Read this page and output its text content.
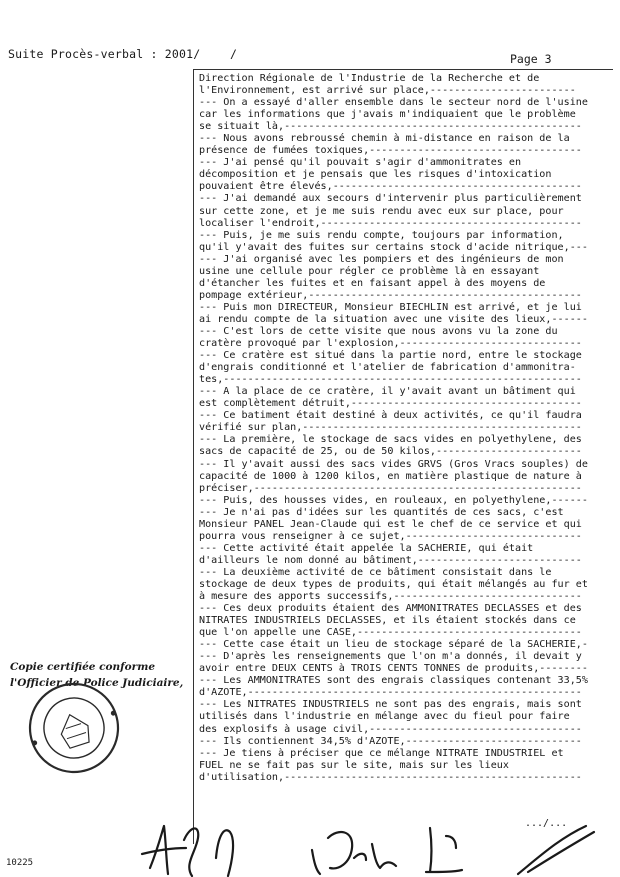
Suite Procès-verbal : 2001/	/	Page 3
Direction Régionale de l'Industrie de la Recherche et de
l'Environnement, est arrivé sur place,------------------------
--- On a essayé d'aller ensemble dans le secteur nord de l'usine
car les informations que j'avais m'indiquaient que le problème
se situait là,-------------------------------------------------
--- Nous avons rebroussé chemin à mi-distance en raison de la
présence de fumées toxiques,-----------------------------------
--- J'ai pensé qu'il pouvait s'agir d'ammonitrates en
décomposition et je pensais que les risques d'intoxication
pouvaient être élevés,-----------------------------------------
--- J'ai demandé aux secours d'intervenir plus particulièrement
sur cette zone, et je me suis rendu avec eux sur place, pour
localiser l'endroit,-------------------------------------------
--- Puis, je me suis rendu compte, toujours par information,
qu'il y'avait des fuites sur certains stock d'acide nitrique,---
--- J'ai organisé avec les pompiers et des ingénieurs de mon
usine une cellule pour régler ce problème là en essayant
d'étancher les fuites et en faisant appel à des moyens de
pompage extérieur,---------------------------------------------
--- Puis mon DIRECTEUR, Monsieur BIECHLIN est arrivé, et je lui
ai rendu compte de la situation avec une visite des lieux,------
--- C'est lors de cette visite que nous avons vu la zone du
cratère provoqué par l'explosion,------------------------------
--- Ce cratère est situé dans la partie nord, entre le stockage
d'engrais conditionné et l'atelier de fabrication d'ammonitra-
tes,-----------------------------------------------------------
--- A la place de ce cratère, il y'avait avant un bâtiment qui
est complètement détruit,--------------------------------------
--- Ce batiment était destiné à deux activités, ce qu'il faudra
vérifié sur plan,----------------------------------------------
--- La première, le stockage de sacs vides en polyethylene, des
sacs de capacité de 25, ou de 50 kilos,------------------------
--- Il y'avait aussi des sacs vides GRVS (Gros Vracs souples) de
capacité de 1000 à 1200 kilos, en matière plastique de nature à
préciser,------------------------------------------------------
--- Puis, des housses vides, en rouleaux, en polyethylene,------
--- Je n'ai pas d'idées sur les quantités de ces sacs, c'est
Monsieur PANEL Jean-Claude qui est le chef de ce service et qui
pourra vous renseigner à ce sujet,-----------------------------
--- Cette activité était appelée la SACHERIE, qui était
d'ailleurs le nom donné au bâtiment,---------------------------
--- La deuxième activité de ce bâtiment consistait dans le
stockage de deux types de produits, qui était mélangés au fur et
à mesure des apports successifs,-------------------------------
--- Ces deux produits étaient des AMMONITRATES DECLASSES et des
NITRATES INDUSTRIELS DECLASSES, et ils étaient stockés dans ce
que l'on appelle une CASE,-------------------------------------
--- Cette case était un lieu de stockage séparé de la SACHERIE,-
--- D'après les renseignements que l'on m'a donnés, il devait y
avoir entre DEUX CENTS à TROIS CENTS TONNES de produits,--------
--- Les AMMONITRATES sont des engrais classiques contenant 33,5%
d'AZOTE,-------------------------------------------------------
--- Les NITRATES INDUSTRIELS ne sont pas des engrais, mais sont
utilisés dans l'industrie en mélange avec du fieul pour faire
des explosifs à usage civil,-----------------------------------
--- Ils contiennent 34,5% d'AZOTE,-----------------------------
--- Je tiens à préciser que ce mélange NITRATE INDUSTRIEL et
FUEL ne se fait pas sur le site, mais sur les lieux
d'utilisation,-------------------------------------------------
.../...
Copie certifiée conforme
l'Officier de Police Judiciaire,
10225
